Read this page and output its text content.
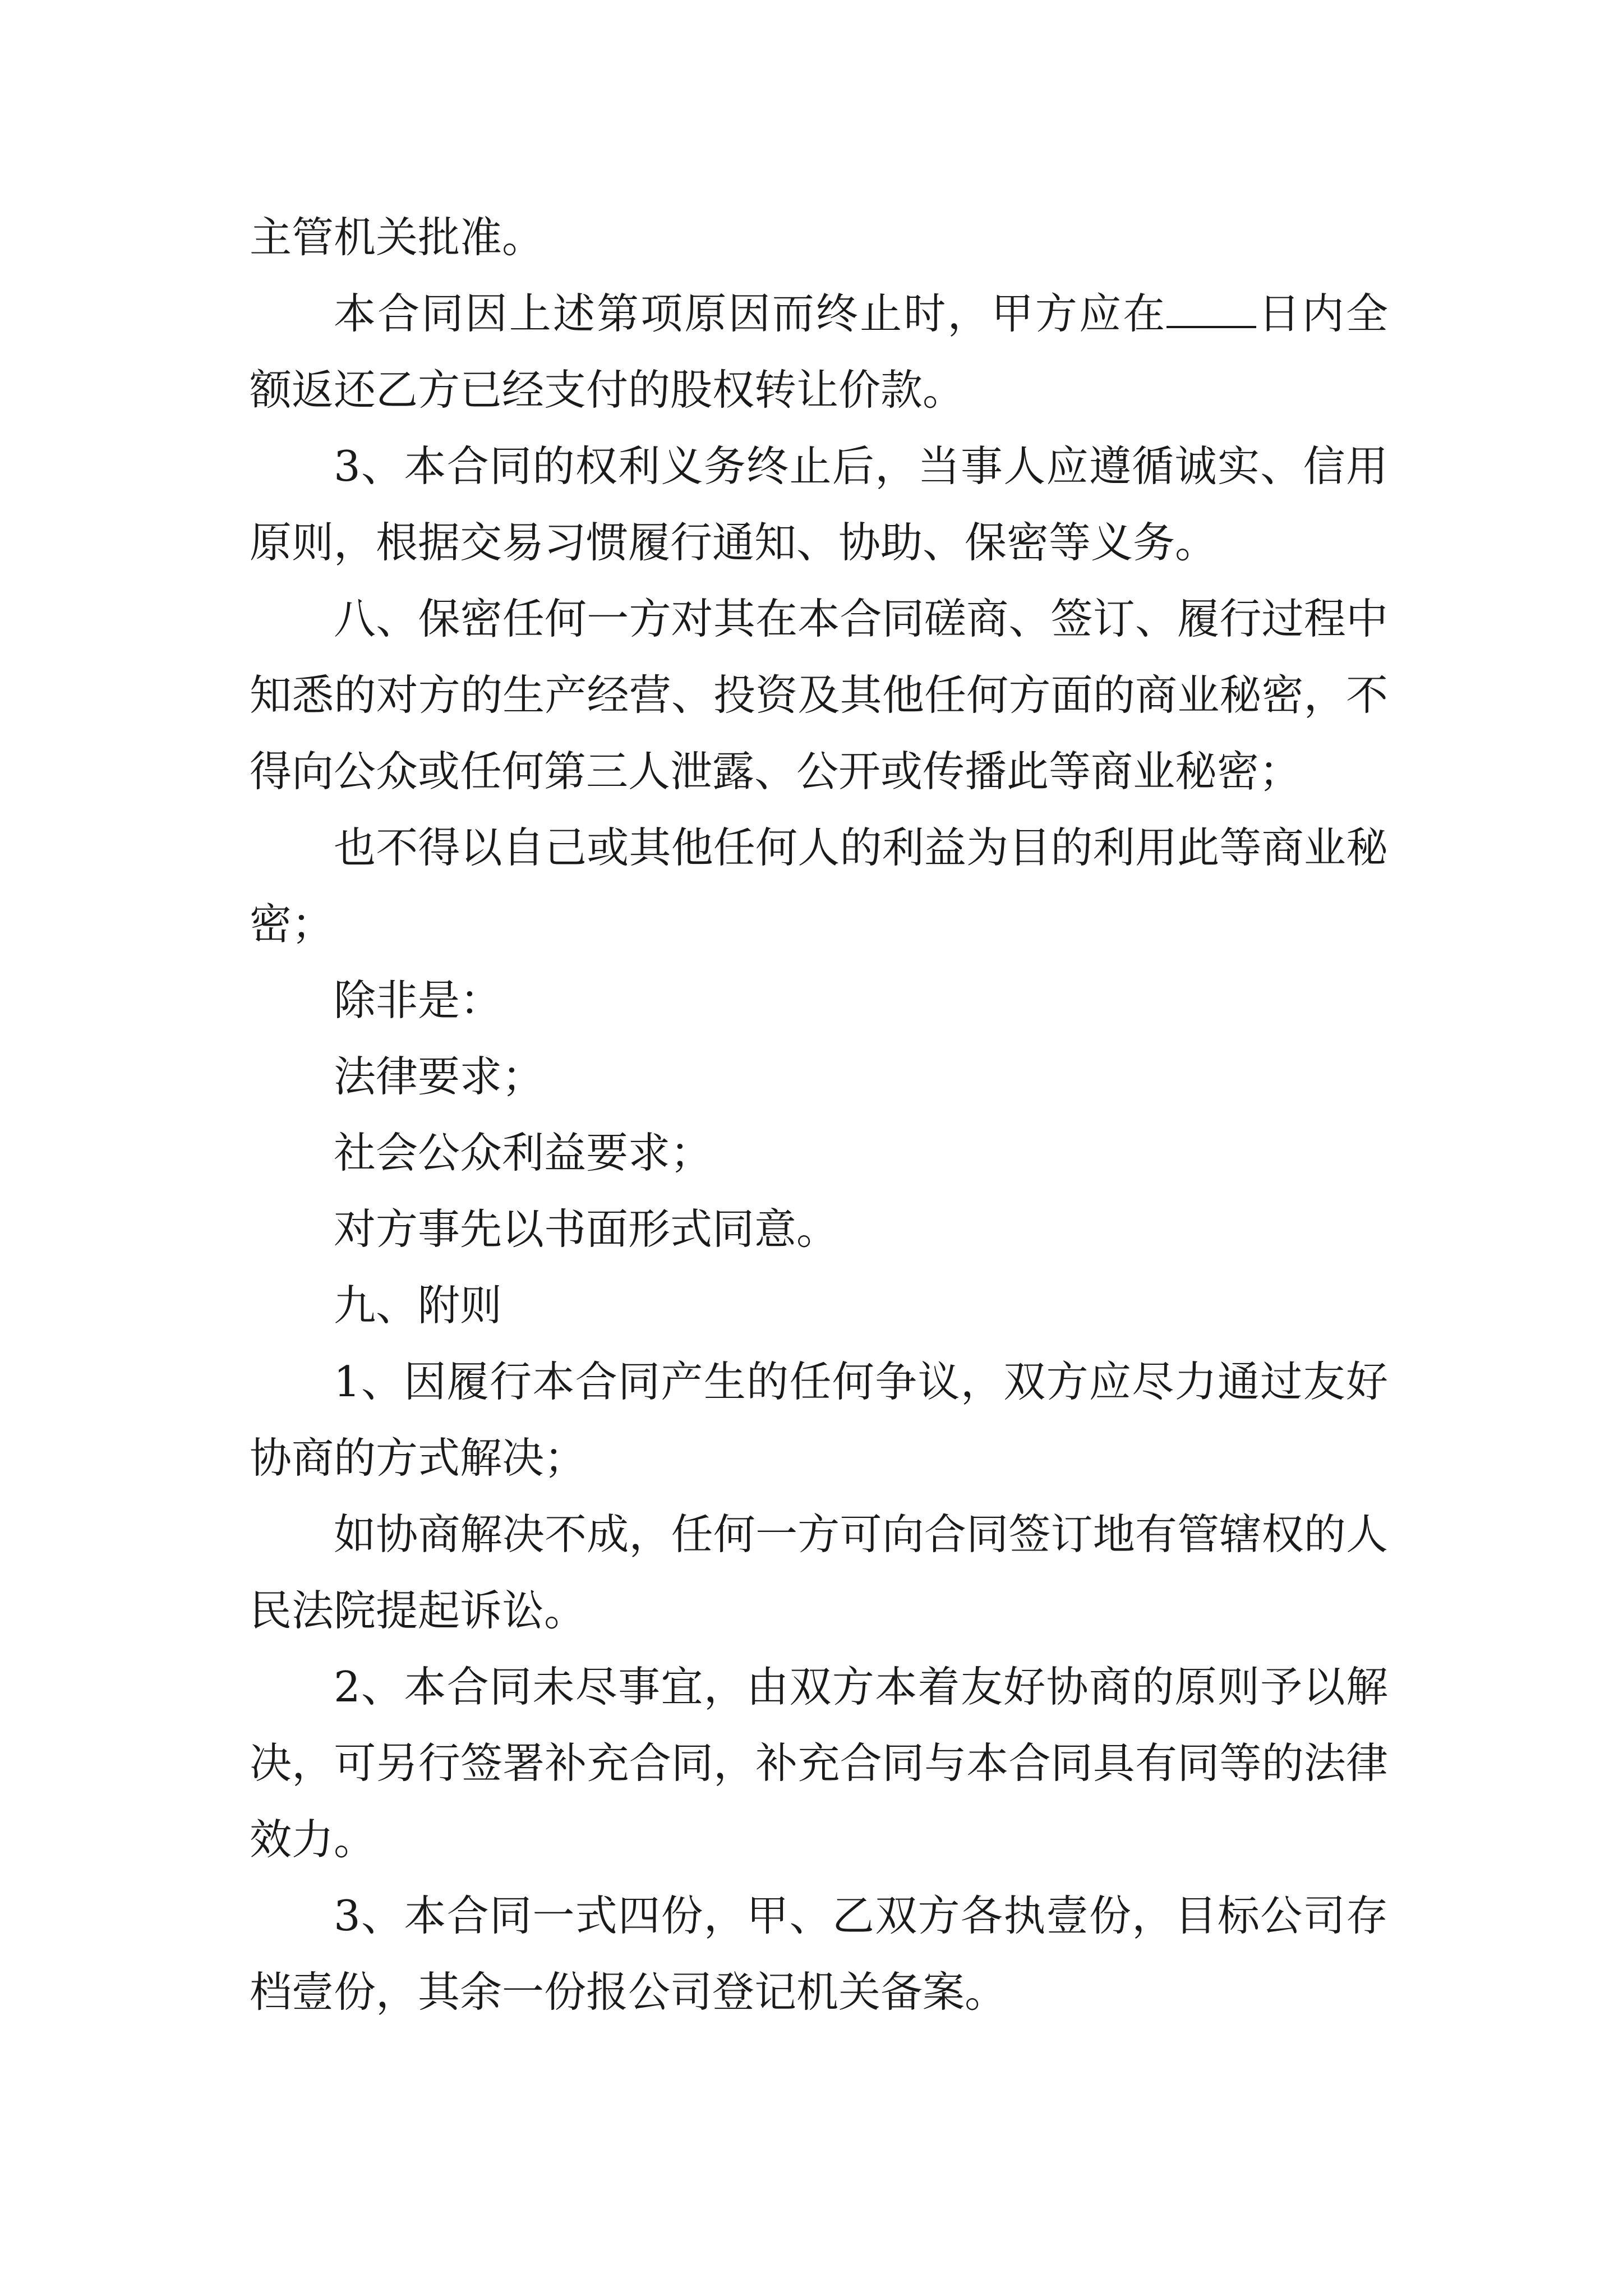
主管机关批准。

本合同因上述第项原因而终止时，甲方应在 日内全额返还乙方已经支付的股权转让价款。

3、本合同的权利义务终止后，当事人应遵循诚实、信用原则，根据交易习惯履行通知、协助、保密等义务。

八、保密任何一方对其在本合同磋商、签订、履行过程中知悉的对方的生产经营、投资及其他任何方面的商业秘密，不得向公众或任何第三人泄露、公开或传播此等商业秘密；

也不得以自己或其他任何人的利益为目的利用此等商业秘密；

除非是：

法律要求；

社会公众利益要求；

对方事先以书面形式同意。

九、附则

1、因履行本合同产生的任何争议，双方应尽力通过友好协商的方式解决；

如协商解决不成，任何一方可向合同签订地有管辖权的人民法院提起诉讼。

2、本合同未尽事宜，由双方本着友好协商的原则予以解决，可另行签署补充合同，补充合同与本合同具有同等的法律效力。

3、本合同一式四份，甲、乙双方各执壹份，目标公司存档壹份，其余一份报公司登记机关备案。
